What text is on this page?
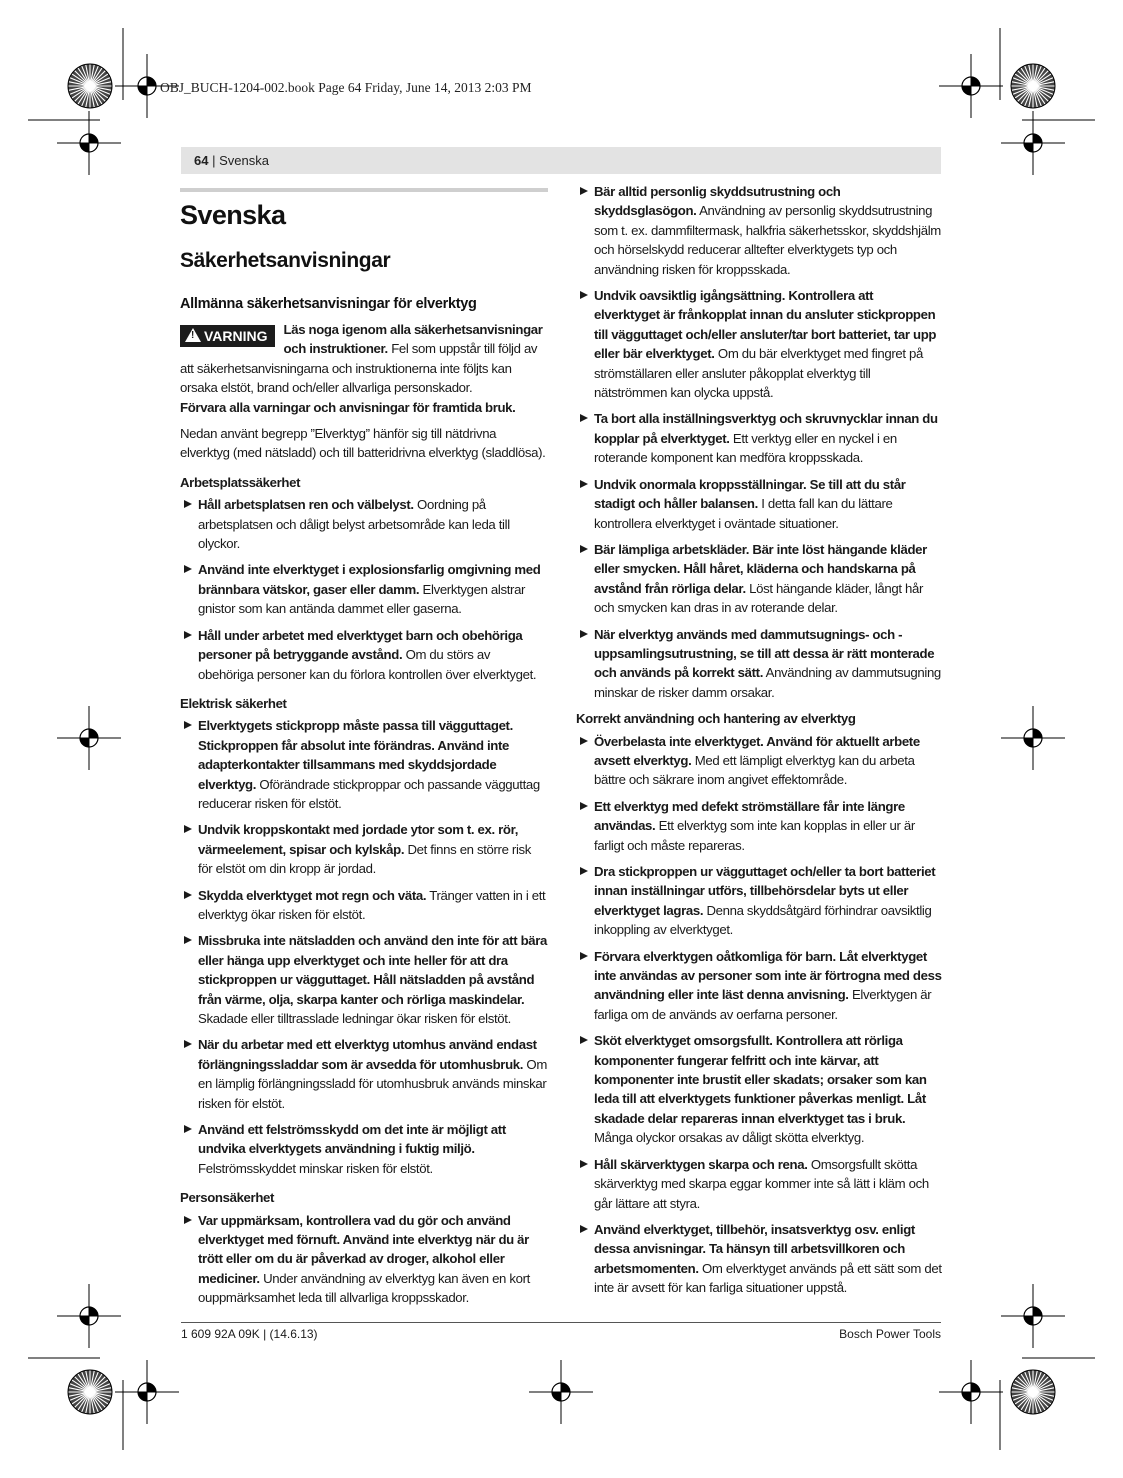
OBJ_BUCH-1204-002.book Page 64 Friday, June 14, 2013 2:03 PM
64 | Svenska
Svenska
Säkerhetsanvisningar
Allmänna säkerhetsanvisningar för elverktyg

! VARNING	Läs noga igenom alla säkerhetsanvisningar och instruktioner. Fel som uppstår till följd av att säkerhetsanvisningarna och instruktionerna inte följts kan orsaka elstöt, brand och/eller allvarliga personskador.

Förvara alla varningar och anvisningar för framtida bruk.

Nedan använt begrepp ”Elverktyg” hänför sig till nätdrivna elverktyg (med nätsladd) och till batteridrivna elverktyg (sladdlösa).

Arbetsplatssäkerhet
Håll arbetsplatsen ren och välbelyst. Oordning på arbetsplatsen och dåligt belyst arbetsområde kan leda till olyckor.
Använd inte elverktyget i explosionsfarlig omgivning med brännbara vätskor, gaser eller damm. Elverktygen alstrar gnistor som kan antända dammet eller gaserna.
Håll under arbetet med elverktyget barn och obehöriga personer på betryggande avstånd. Om du störs av obehöriga personer kan du förlora kontrollen över elverktyget.
Elektrisk säkerhet
Elverktygets stickpropp måste passa till vägguttaget. Stickproppen får absolut inte förändras. Använd inte adapterkontakter tillsammans med skyddsjordade elverktyg. Oförändrade stickproppar och passande vägguttag reducerar risken för elstöt.
Undvik kroppskontakt med jordade ytor som t. ex. rör, värmeelement, spisar och kylskåp. Det finns en större risk för elstöt om din kropp är jordad.
Skydda elverktyget mot regn och väta. Tränger vatten in i ett elverktyg ökar risken för elstöt.
Missbruka inte nätsladden och använd den inte för att bära eller hänga upp elverktyget och inte heller för att dra stickproppen ur vägguttaget. Håll nätsladden på avstånd från värme, olja, skarpa kanter och rörliga maskindelar. Skadade eller tilltrasslade ledningar ökar risken för elstöt.
När du arbetar med ett elverktyg utomhus använd endast förlängningssladdar som är avsedda för utomhusbruk. Om en lämplig förlängningssladd för utomhusbruk används minskar risken för elstöt.
Använd ett felströmsskydd om det inte är möjligt att undvika elverktygets användning i fuktig miljö. Felströmsskyddet minskar risken för elstöt.
Personsäkerhet
Var uppmärksam, kontrollera vad du gör och använd elverktyget med förnuft. Använd inte elverktyg när du är trött eller om du är påverkad av droger, alkohol eller mediciner. Under användning av elverktyg kan även en kort ouppmärksamhet leda till allvarliga kroppsskador.
Bär alltid personlig skyddsutrustning och skyddsglasögon. Användning av personlig skyddsutrustning som t. ex. dammfiltermask, halkfria säkerhetsskor, skyddshjälm och hörselskydd reducerar alltefter elverktygets typ och användning risken för kroppsskada.
Undvik oavsiktlig igångsättning. Kontrollera att elverktyget är frånkopplat innan du ansluter stickproppen till vägguttaget och/eller ansluter/tar bort batteriet, tar upp eller bär elverktyget. Om du bär elverktyget med fingret på strömställaren eller ansluter påkopplat elverktyg till nätströmmen kan olycka uppstå.
Ta bort alla inställningsverktyg och skruvnycklar innan du kopplar på elverktyget. Ett verktyg eller en nyckel i en roterande komponent kan medföra kroppsskada.
Undvik onormala kroppsställningar. Se till att du står stadigt och håller balansen. I detta fall kan du lättare kontrollera elverktyget i oväntade situationer.
Bär lämpliga arbetskläder. Bär inte löst hängande kläder eller smycken. Håll håret, kläderna och handskarna på avstånd från rörliga delar. Löst hängande kläder, långt hår och smycken kan dras in av roterande delar.
När elverktyg används med dammutsugnings- och -uppsamlingsutrustning, se till att dessa är rätt monterade och används på korrekt sätt. Användning av dammutsugning minskar de risker damm orsakar.
Korrekt användning och hantering av elverktyg
Överbelasta inte elverktyget. Använd för aktuellt arbete avsett elverktyg. Med ett lämpligt elverktyg kan du arbeta bättre och säkrare inom angivet effektområde.
Ett elverktyg med defekt strömställare får inte längre användas. Ett elverktyg som inte kan kopplas in eller ur är farligt och måste repareras.
Dra stickproppen ur vägguttaget och/eller ta bort batteriet innan inställningar utförs, tillbehörsdelar byts ut eller elverktyget lagras. Denna skyddsåtgärd förhindrar oavsiktlig inkoppling av elverktyget.
Förvara elverktygen oåtkomliga för barn. Låt elverktyget inte användas av personer som inte är förtrogna med dess användning eller inte läst denna anvisning. Elverktygen är farliga om de används av oerfarna personer.
Sköt elverktyget omsorgsfullt. Kontrollera att rörliga komponenter fungerar felfritt och inte kärvar, att komponenter inte brustit eller skadats; orsaker som kan leda till att elverktygets funktioner påverkas menligt. Låt skadade delar repareras innan elverktyget tas i bruk. Många olyckor orsakas av dåligt skötta elverktyg.
Håll skärverktygen skarpa och rena. Omsorgsfullt skötta skärverktyg med skarpa eggar kommer inte så lätt i kläm och går lättare att styra.
Använd elverktyget, tillbehör, insatsverktyg osv. enligt dessa anvisningar. Ta hänsyn till arbetsvillkoren och arbetsmomenten. Om elverktyget används på ett sätt som det inte är avsett för kan farliga situationer uppstå.
1 609 92A 09K | (14.6.13)	Bosch Power Tools
